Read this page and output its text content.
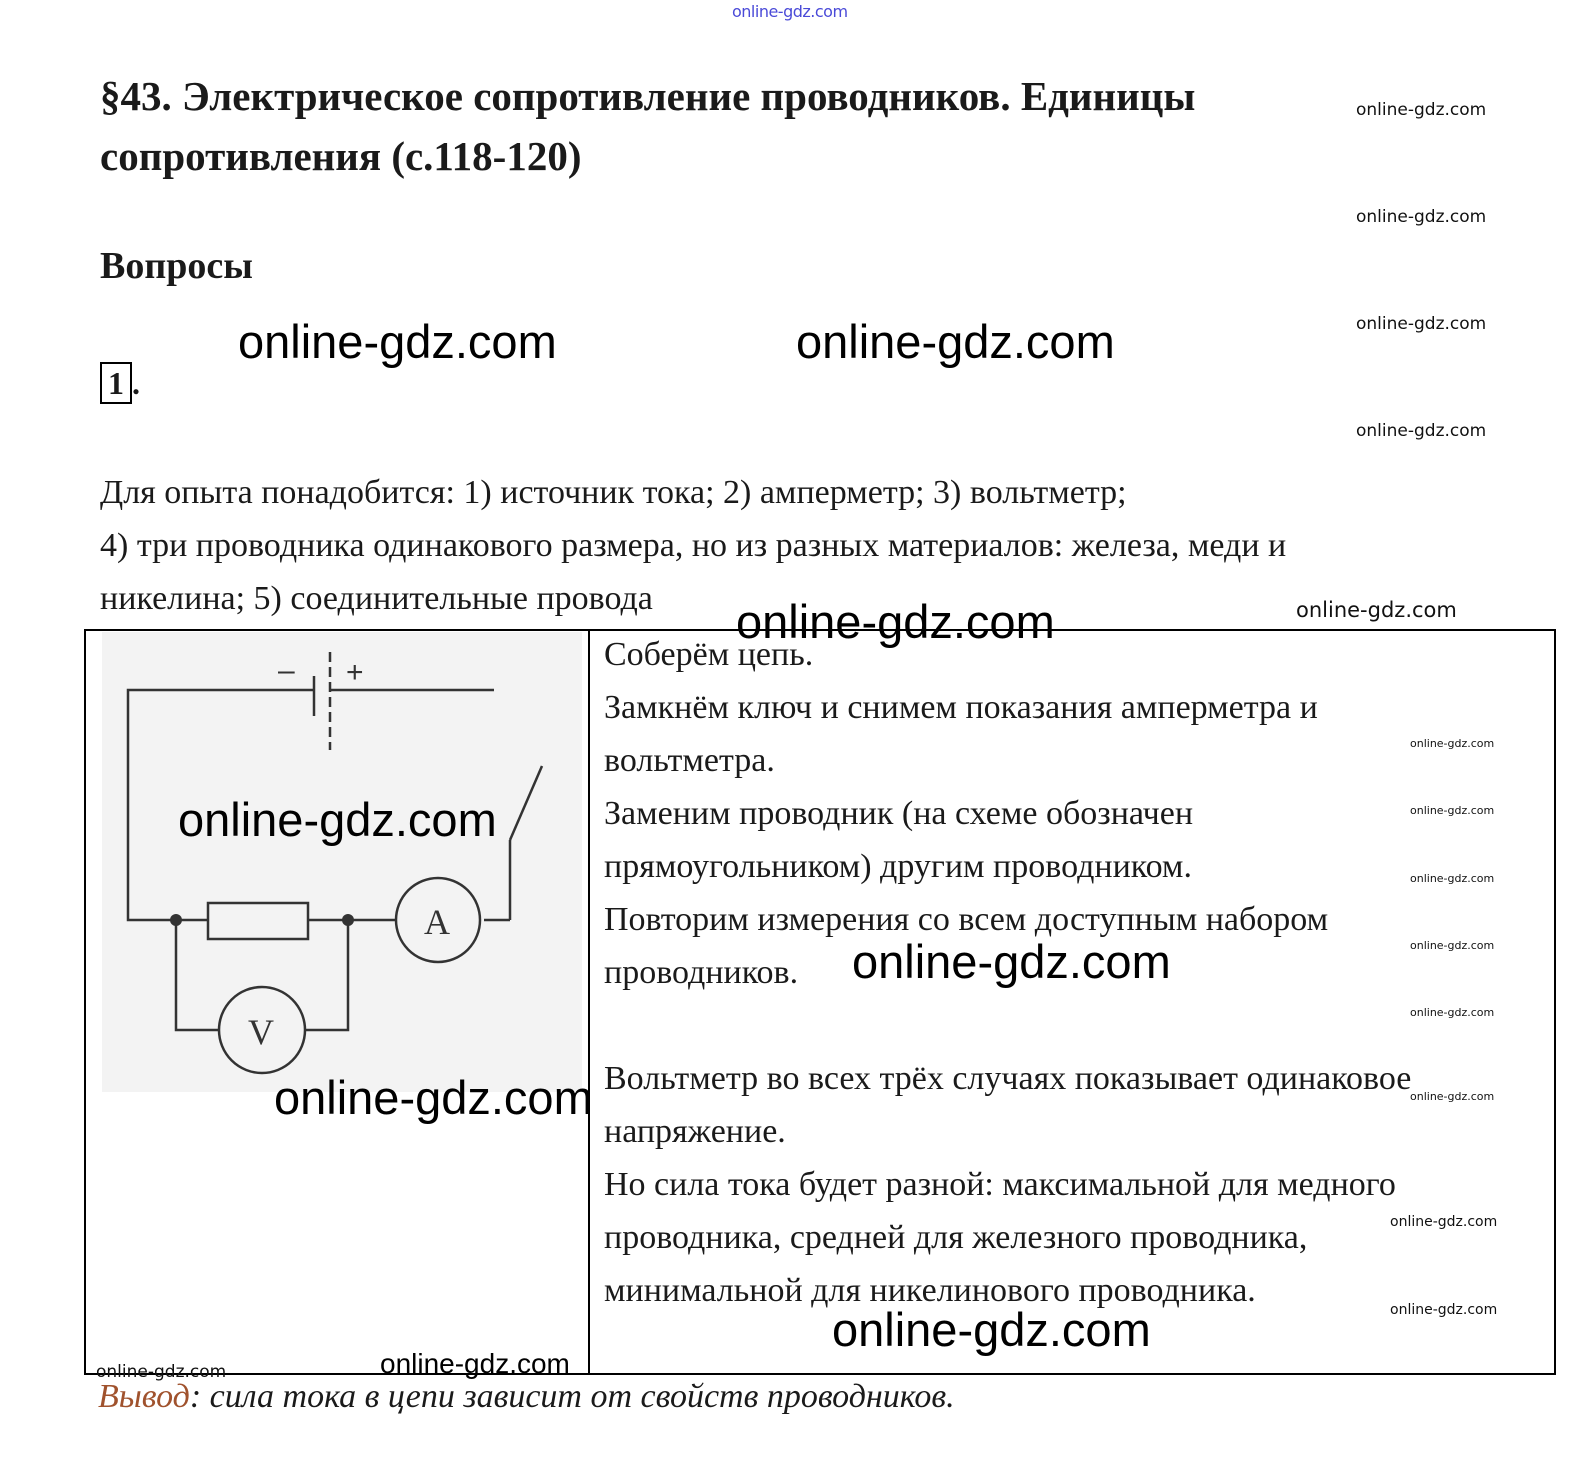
online-gdz.com
§43. Электрическое сопротивление проводников. Единицы сопротивления (с.118-120)
Вопросы
1 .

Для опыта понадобится: 1) источник тока; 2) амперметр; 3) вольтметр;

4) три проводника одинакового размера, но из разных материалов: железа, меди и

никелина; 5) соединительные провода

– +
A
V

Соберём цепь.

Замкнём ключ и снимем показания амперметра и

вольтметра.

Заменим проводник (на схеме обозначен

прямоугольником) другим проводником.

Повторим измерения со всем доступным набором

проводников.

Вольтметр во всех трёх случаях показывает одинаковое

напряжение.

Но сила тока будет разной: максимальной для медного

проводника, средней для железного проводника,

минимальной для никелинового проводника.

Вывод: сила тока в цепи зависит от свойств проводников.
online-gdz.com
online-gdz.com
online-gdz.com
online-gdz.com
online-gdz.com
online-gdz.com	online-gdz.com
online-gdz.com
online-gdz.com
online-gdz.com
online-gdz.com
online-gdz.com
online-gdz.com
online-gdz.com
online-gdz.com
online-gdz.com
online-gdz.com
online-gdz.com
online-gdz.com
online-gdz.com
online-gdz.com	online-gdz.com
